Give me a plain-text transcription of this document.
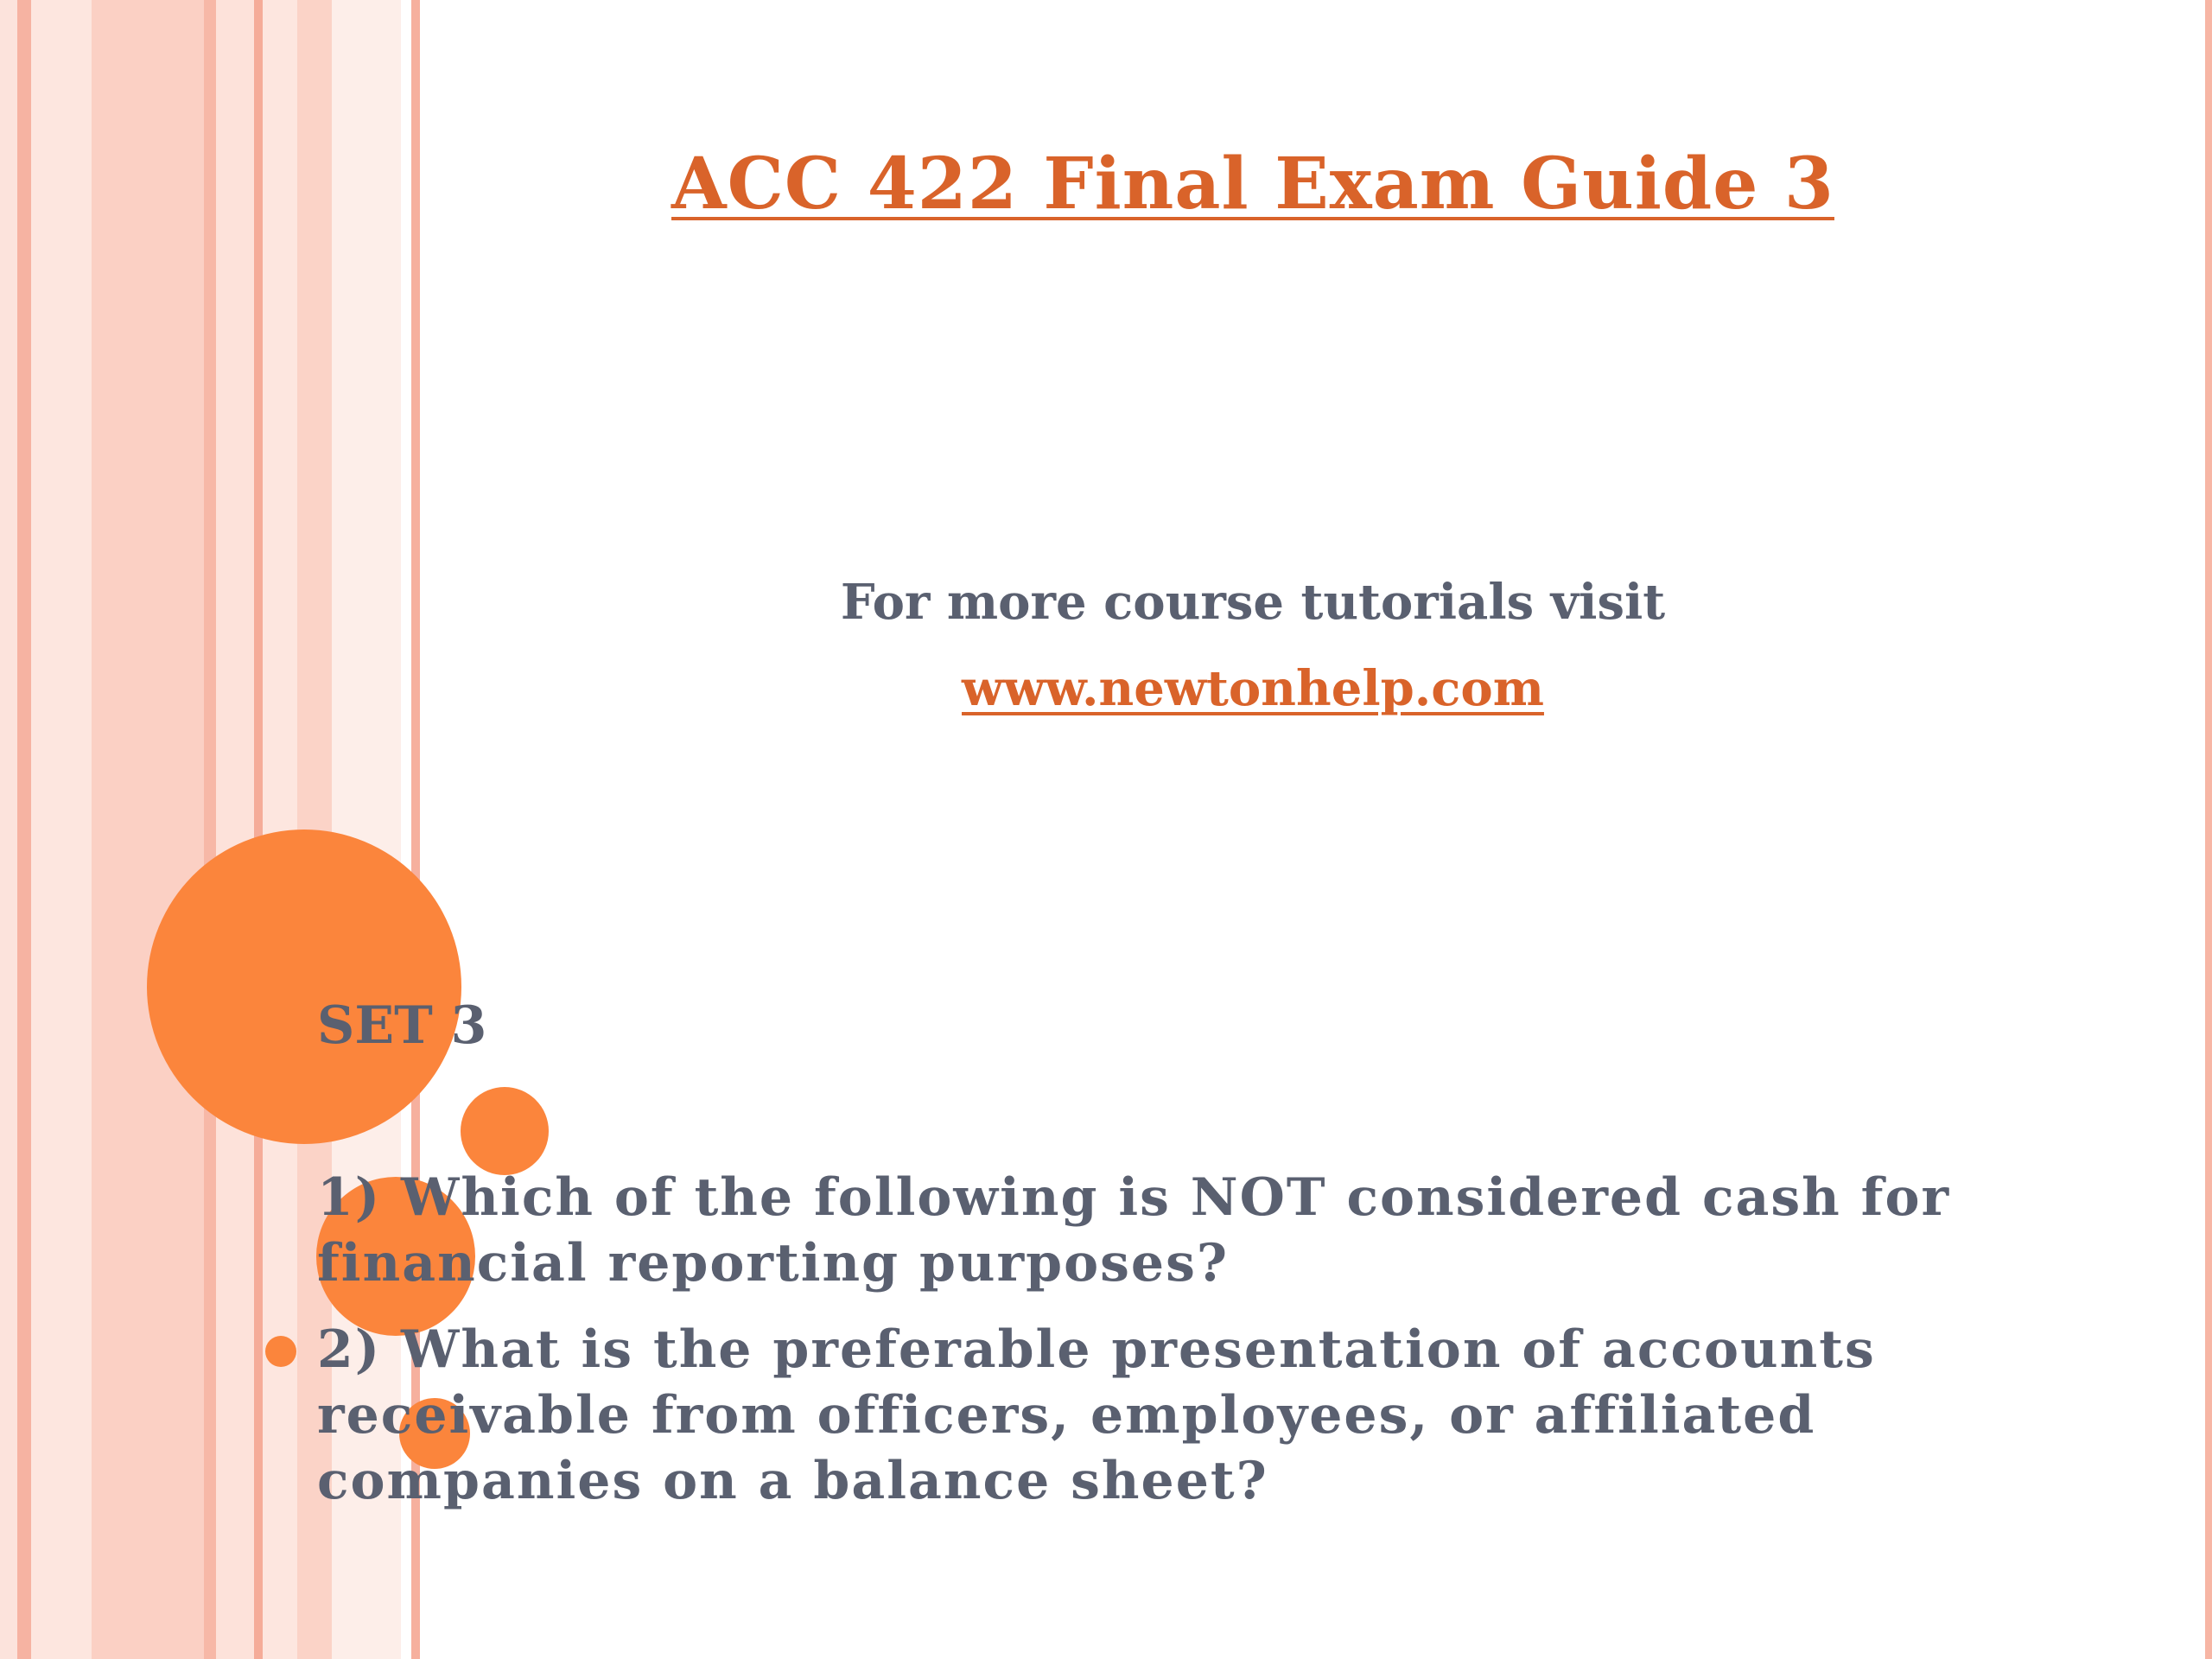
ACC 422 Final Exam Guide 3
For more course tutorials visit
www.newtonhelp.com
SET 3
1) Which of the following is NOT considered cash for financial reporting purposes?
2) What is the preferable presentation of accounts receivable from officers, employees, or affiliated companies on a balance sheet?
